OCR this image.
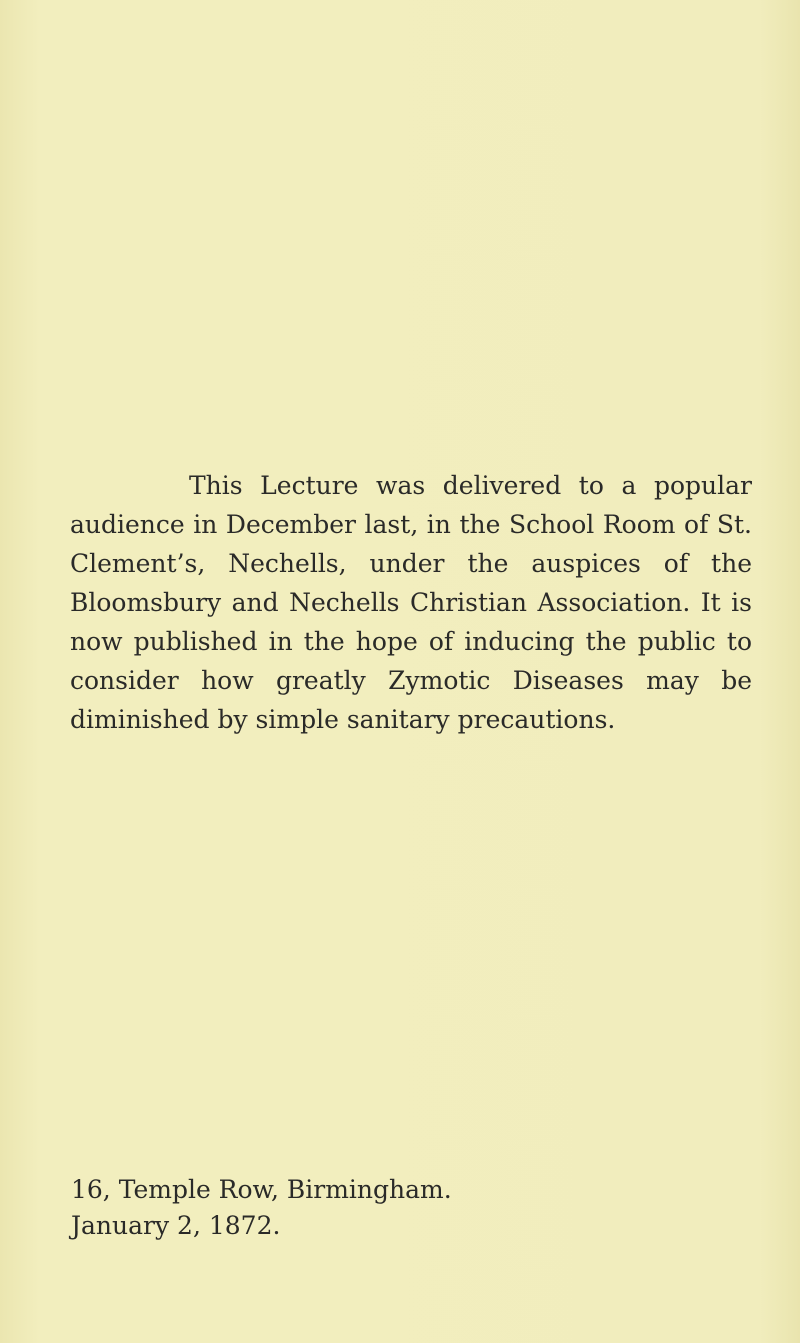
This Lecture was delivered to a popular audience in December last, in the School Room of St. Clement’s, Nechells, under the auspices of the Bloomsbury and Nechells Christian Association. It is now published in the hope of inducing the public to consider how greatly Zymotic Diseases may be diminished by simple sanitary precautions.

16, Temple Row, Birmingham.
January 2, 1872.
